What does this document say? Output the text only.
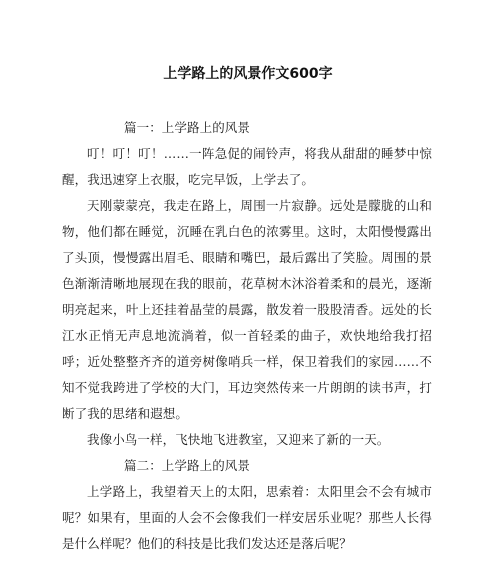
上学路上的风景作文600字

篇一：上学路上的风景

叮！叮！叮！……一阵急促的闹铃声，将我从甜甜的睡梦中惊醒，我迅速穿上衣服，吃完早饭，上学去了。

天刚蒙蒙亮，我走在路上，周围一片寂静。远处是朦胧的山和物，他们都在睡觉，沉睡在乳白色的浓雾里。这时，太阳慢慢露出了头顶，慢慢露出眉毛、眼睛和嘴巴，最后露出了笑脸。周围的景色渐渐清晰地展现在我的眼前，花草树木沐浴着柔和的晨光，逐渐明亮起来，叶上还挂着晶莹的晨露，散发着一股股清香。远处的长江水正悄无声息地流淌着，似一首轻柔的曲子，欢快地给我打招呼；近处整整齐齐的道旁树像哨兵一样，保卫着我们的家园……不知不觉我跨进了学校的大门，耳边突然传来一片朗朗的读书声，打断了我的思绪和遐想。

我像小鸟一样，飞快地飞进教室，又迎来了新的一天。

篇二：上学路上的风景

上学路上，我望着天上的太阳，思索着：太阳里会不会有城市呢？如果有，里面的人会不会像我们一样安居乐业呢？那些人长得是什么样呢？他们的科技是比我们发达还是落后呢？
